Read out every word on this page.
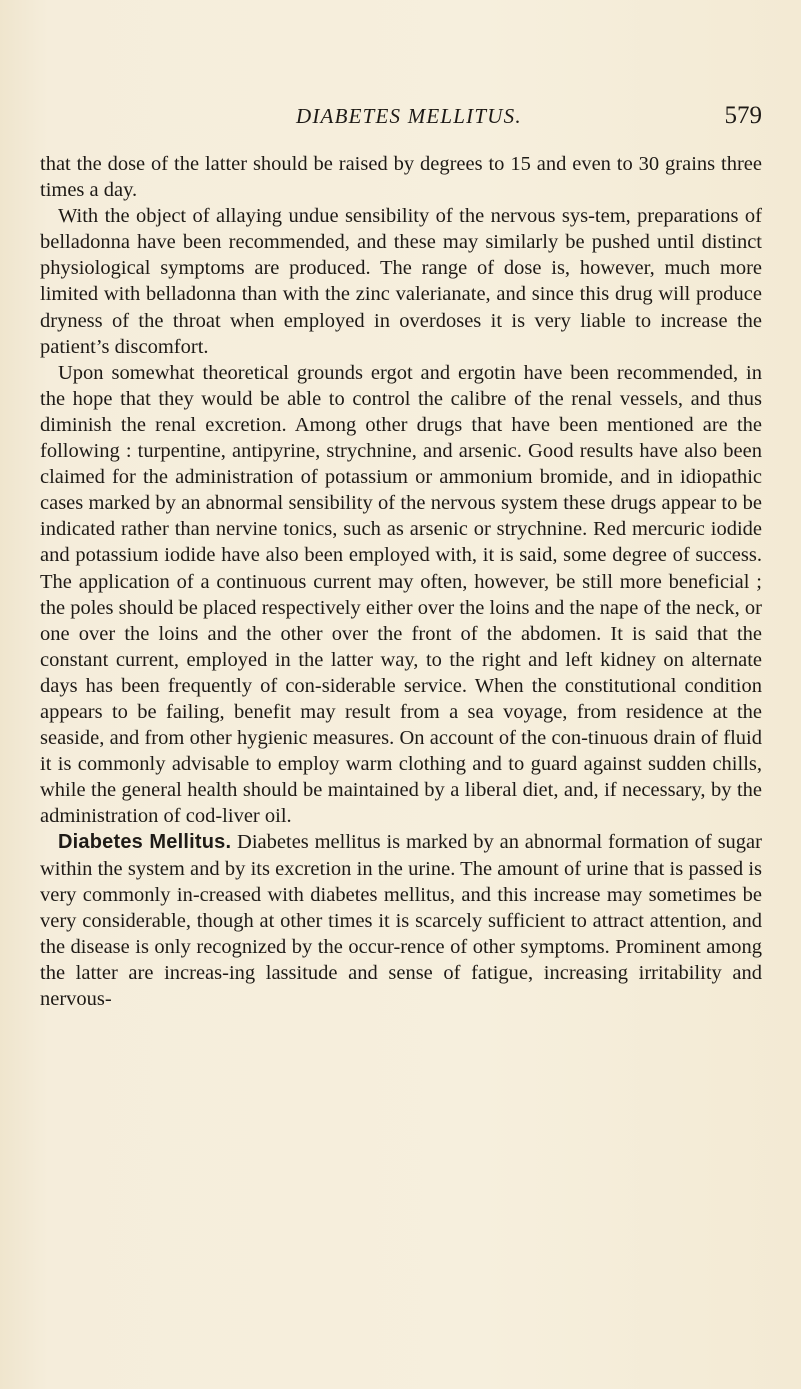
DIABETES MELLITUS.	579

that the dose of the latter should be raised by degrees to 15 and even to 30 grains three times a day.

With the object of allaying undue sensibility of the nervous sys-tem, preparations of belladonna have been recommended, and these may similarly be pushed until distinct physiological symptoms are produced. The range of dose is, however, much more limited with belladonna than with the zinc valerianate, and since this drug will produce dryness of the throat when employed in overdoses it is very liable to increase the patient’s discomfort.

Upon somewhat theoretical grounds ergot and ergotin have been recommended, in the hope that they would be able to control the calibre of the renal vessels, and thus diminish the renal excretion. Among other drugs that have been mentioned are the following : turpentine, antipyrine, strychnine, and arsenic. Good results have also been claimed for the administration of potassium or ammonium bromide, and in idiopathic cases marked by an abnormal sensibility of the nervous system these drugs appear to be indicated rather than nervine tonics, such as arsenic or strychnine. Red mercuric iodide and potassium iodide have also been employed with, it is said, some degree of success. The application of a continuous current may often, however, be still more beneficial ; the poles should be placed respectively either over the loins and the nape of the neck, or one over the loins and the other over the front of the abdomen. It is said that the constant current, employed in the latter way, to the right and left kidney on alternate days has been frequently of con-siderable service. When the constitutional condition appears to be failing, benefit may result from a sea voyage, from residence at the seaside, and from other hygienic measures. On account of the con-tinuous drain of fluid it is commonly advisable to employ warm clothing and to guard against sudden chills, while the general health should be maintained by a liberal diet, and, if necessary, by the administration of cod-liver oil.

Diabetes Mellitus. Diabetes mellitus is marked by an abnormal formation of sugar within the system and by its excretion in the urine. The amount of urine that is passed is very commonly in-creased with diabetes mellitus, and this increase may sometimes be very considerable, though at other times it is scarcely sufficient to attract attention, and the disease is only recognized by the occur-rence of other symptoms. Prominent among the latter are increas-ing lassitude and sense of fatigue, increasing irritability and nervous-
